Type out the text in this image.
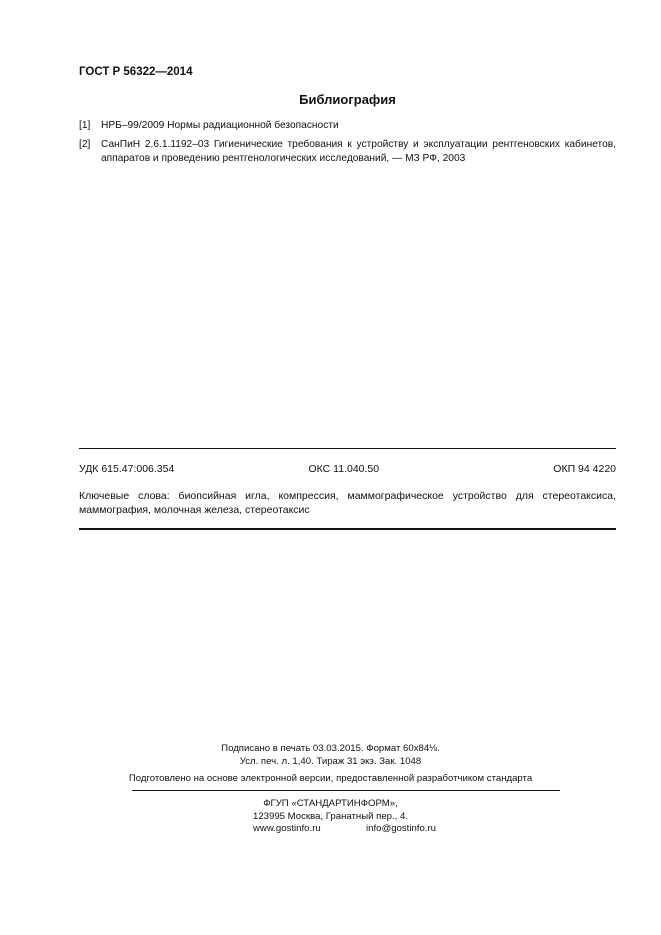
ГОСТ Р 56322—2014
Библиография
[1] НРБ–99/2009 Нормы радиационной безопасности
[2] СанПиН 2.6.1.1192–03 Гигиенические требования к устройству и эксплуатации рентгеновских кабинетов, аппаратов и проведению рентгенологических исследований, — МЗ РФ, 2003
УДК 615.47:006.354	ОКС 11.040.50	ОКП 94 4220
Ключевые слова: биопсийная игла, компрессия, маммографическое устройство для стереотаксиса, маммография, молочная железа, стереотаксис
Подписано в печать 03.03.2015. Формат 60х84⅛.
Усл. печ. л. 1,40. Тираж 31 экз. Зак. 1048
Подготовлено на основе электронной версии, предоставленной разработчиком стандарта
ФГУП «СТАНДАРТИНФОРМ»,
123995 Москва, Гранатный пер., 4.
www.gostinfo.ru	info@gostinfo.ru
